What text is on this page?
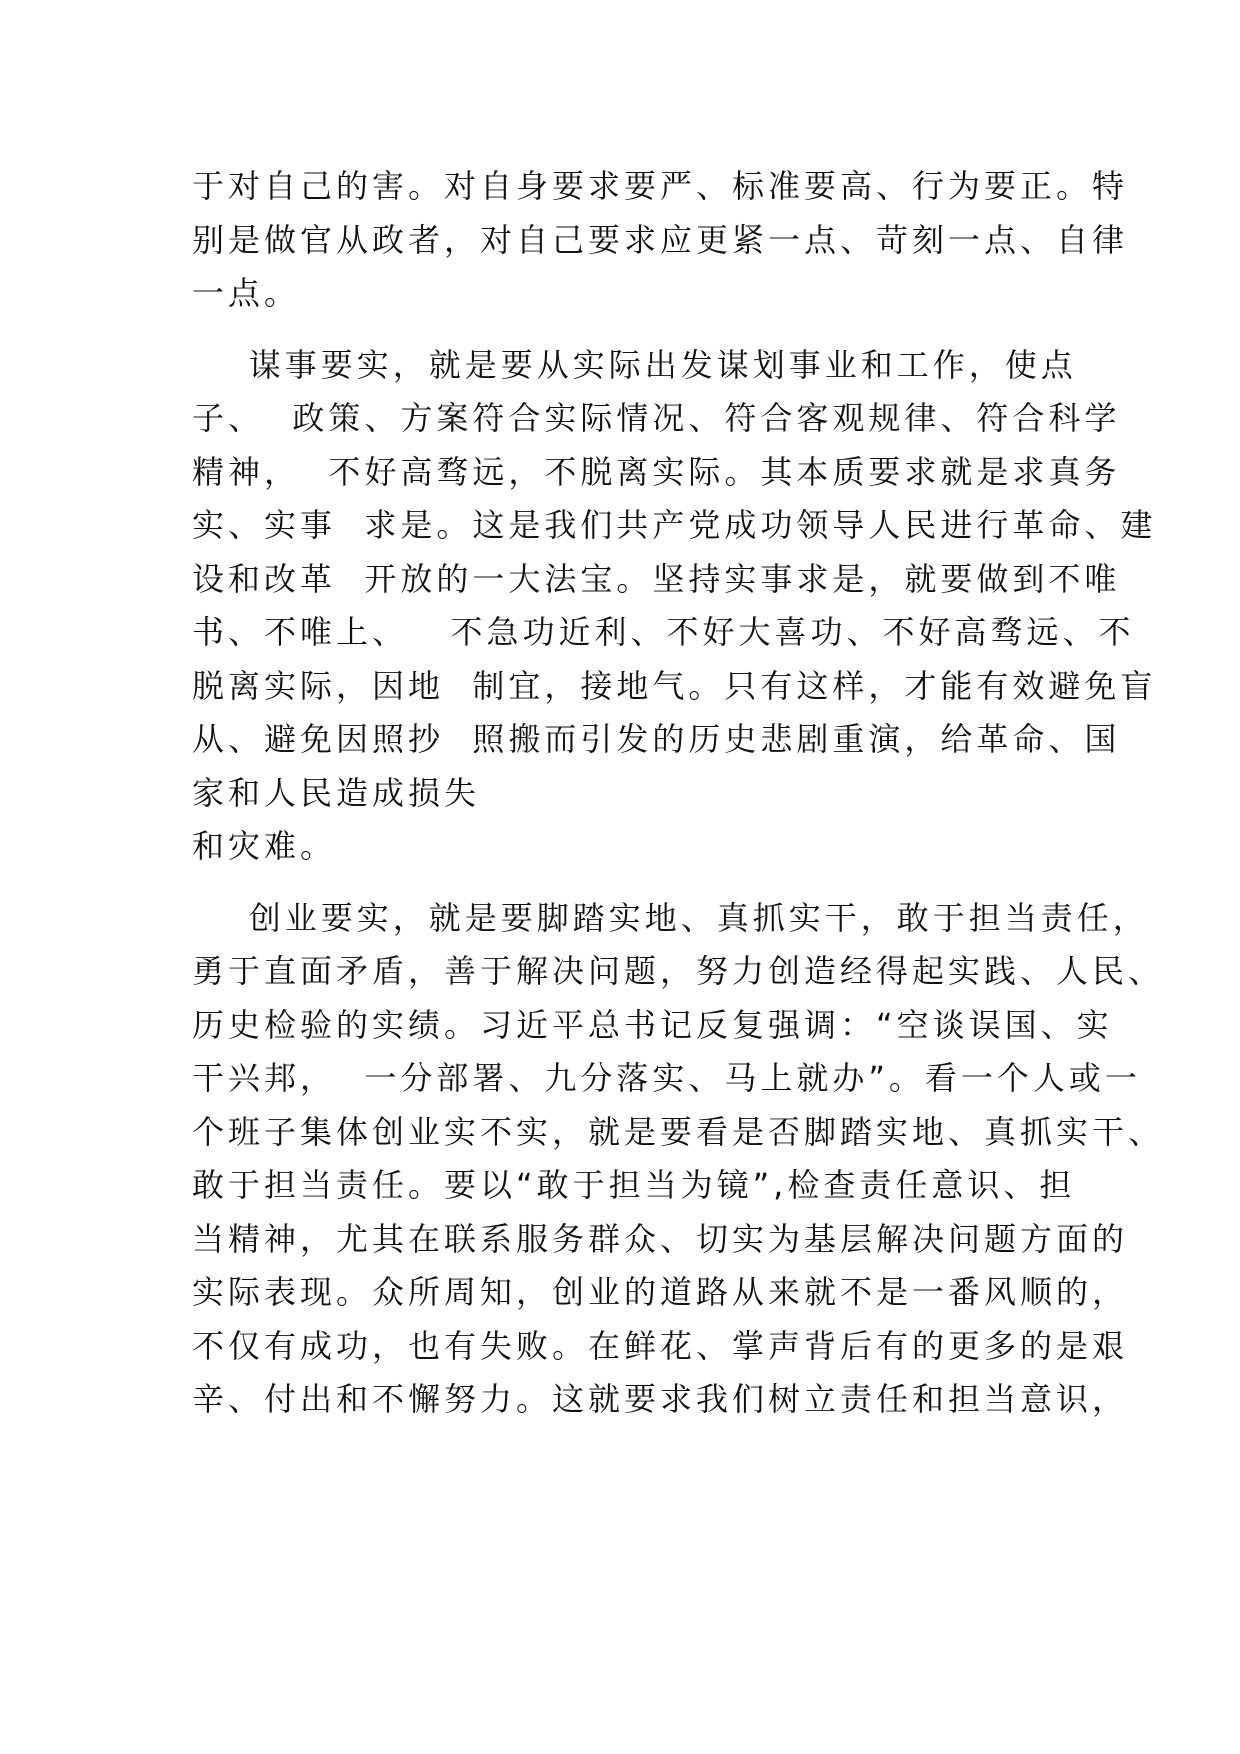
于对自己的害。对自身要求要严、标准要高、行为要正。特
别是做官从政者，对自己要求应更紧一点、苛刻一点、自律
一点。
谋事要实，就是要从实际出发谋划事业和工作，使点
子、  政策、方案符合实际情况、符合客观规律、符合科学
精神，  不好高骛远，不脱离实际。其本质要求就是求真务
实、实事  求是。这是我们共产党成功领导人民进行革命、建
设和改革  开放的一大法宝。坚持实事求是，就要做到不唯
书、不唯上、   不急功近利、不好大喜功、不好高骛远、不
脱离实际，因地  制宜，接地气。只有这样，才能有效避免盲
从、避免因照抄  照搬而引发的历史悲剧重演，给革命、国
家和人民造成损失
和灾难。
创业要实，就是要脚踏实地、真抓实干，敢于担当责任，
勇于直面矛盾，善于解决问题，努力创造经得起实践、人民、
历史检验的实绩。习近平总书记反复强调：“空谈误国、实
干兴邦，  一分部署、九分落实、马上就办”。看一个人或一
个班子集体创业实不实，就是要看是否脚踏实地、真抓实干、
敢于担当责任。要以“敢于担当为镜”,检查责任意识、担
当精神，尤其在联系服务群众、切实为基层解决问题方面的
实际表现。众所周知，创业的道路从来就不是一番风顺的，
不仅有成功，也有失败。在鲜花、掌声背后有的更多的是艰
辛、付出和不懈努力。这就要求我们树立责任和担当意识，
